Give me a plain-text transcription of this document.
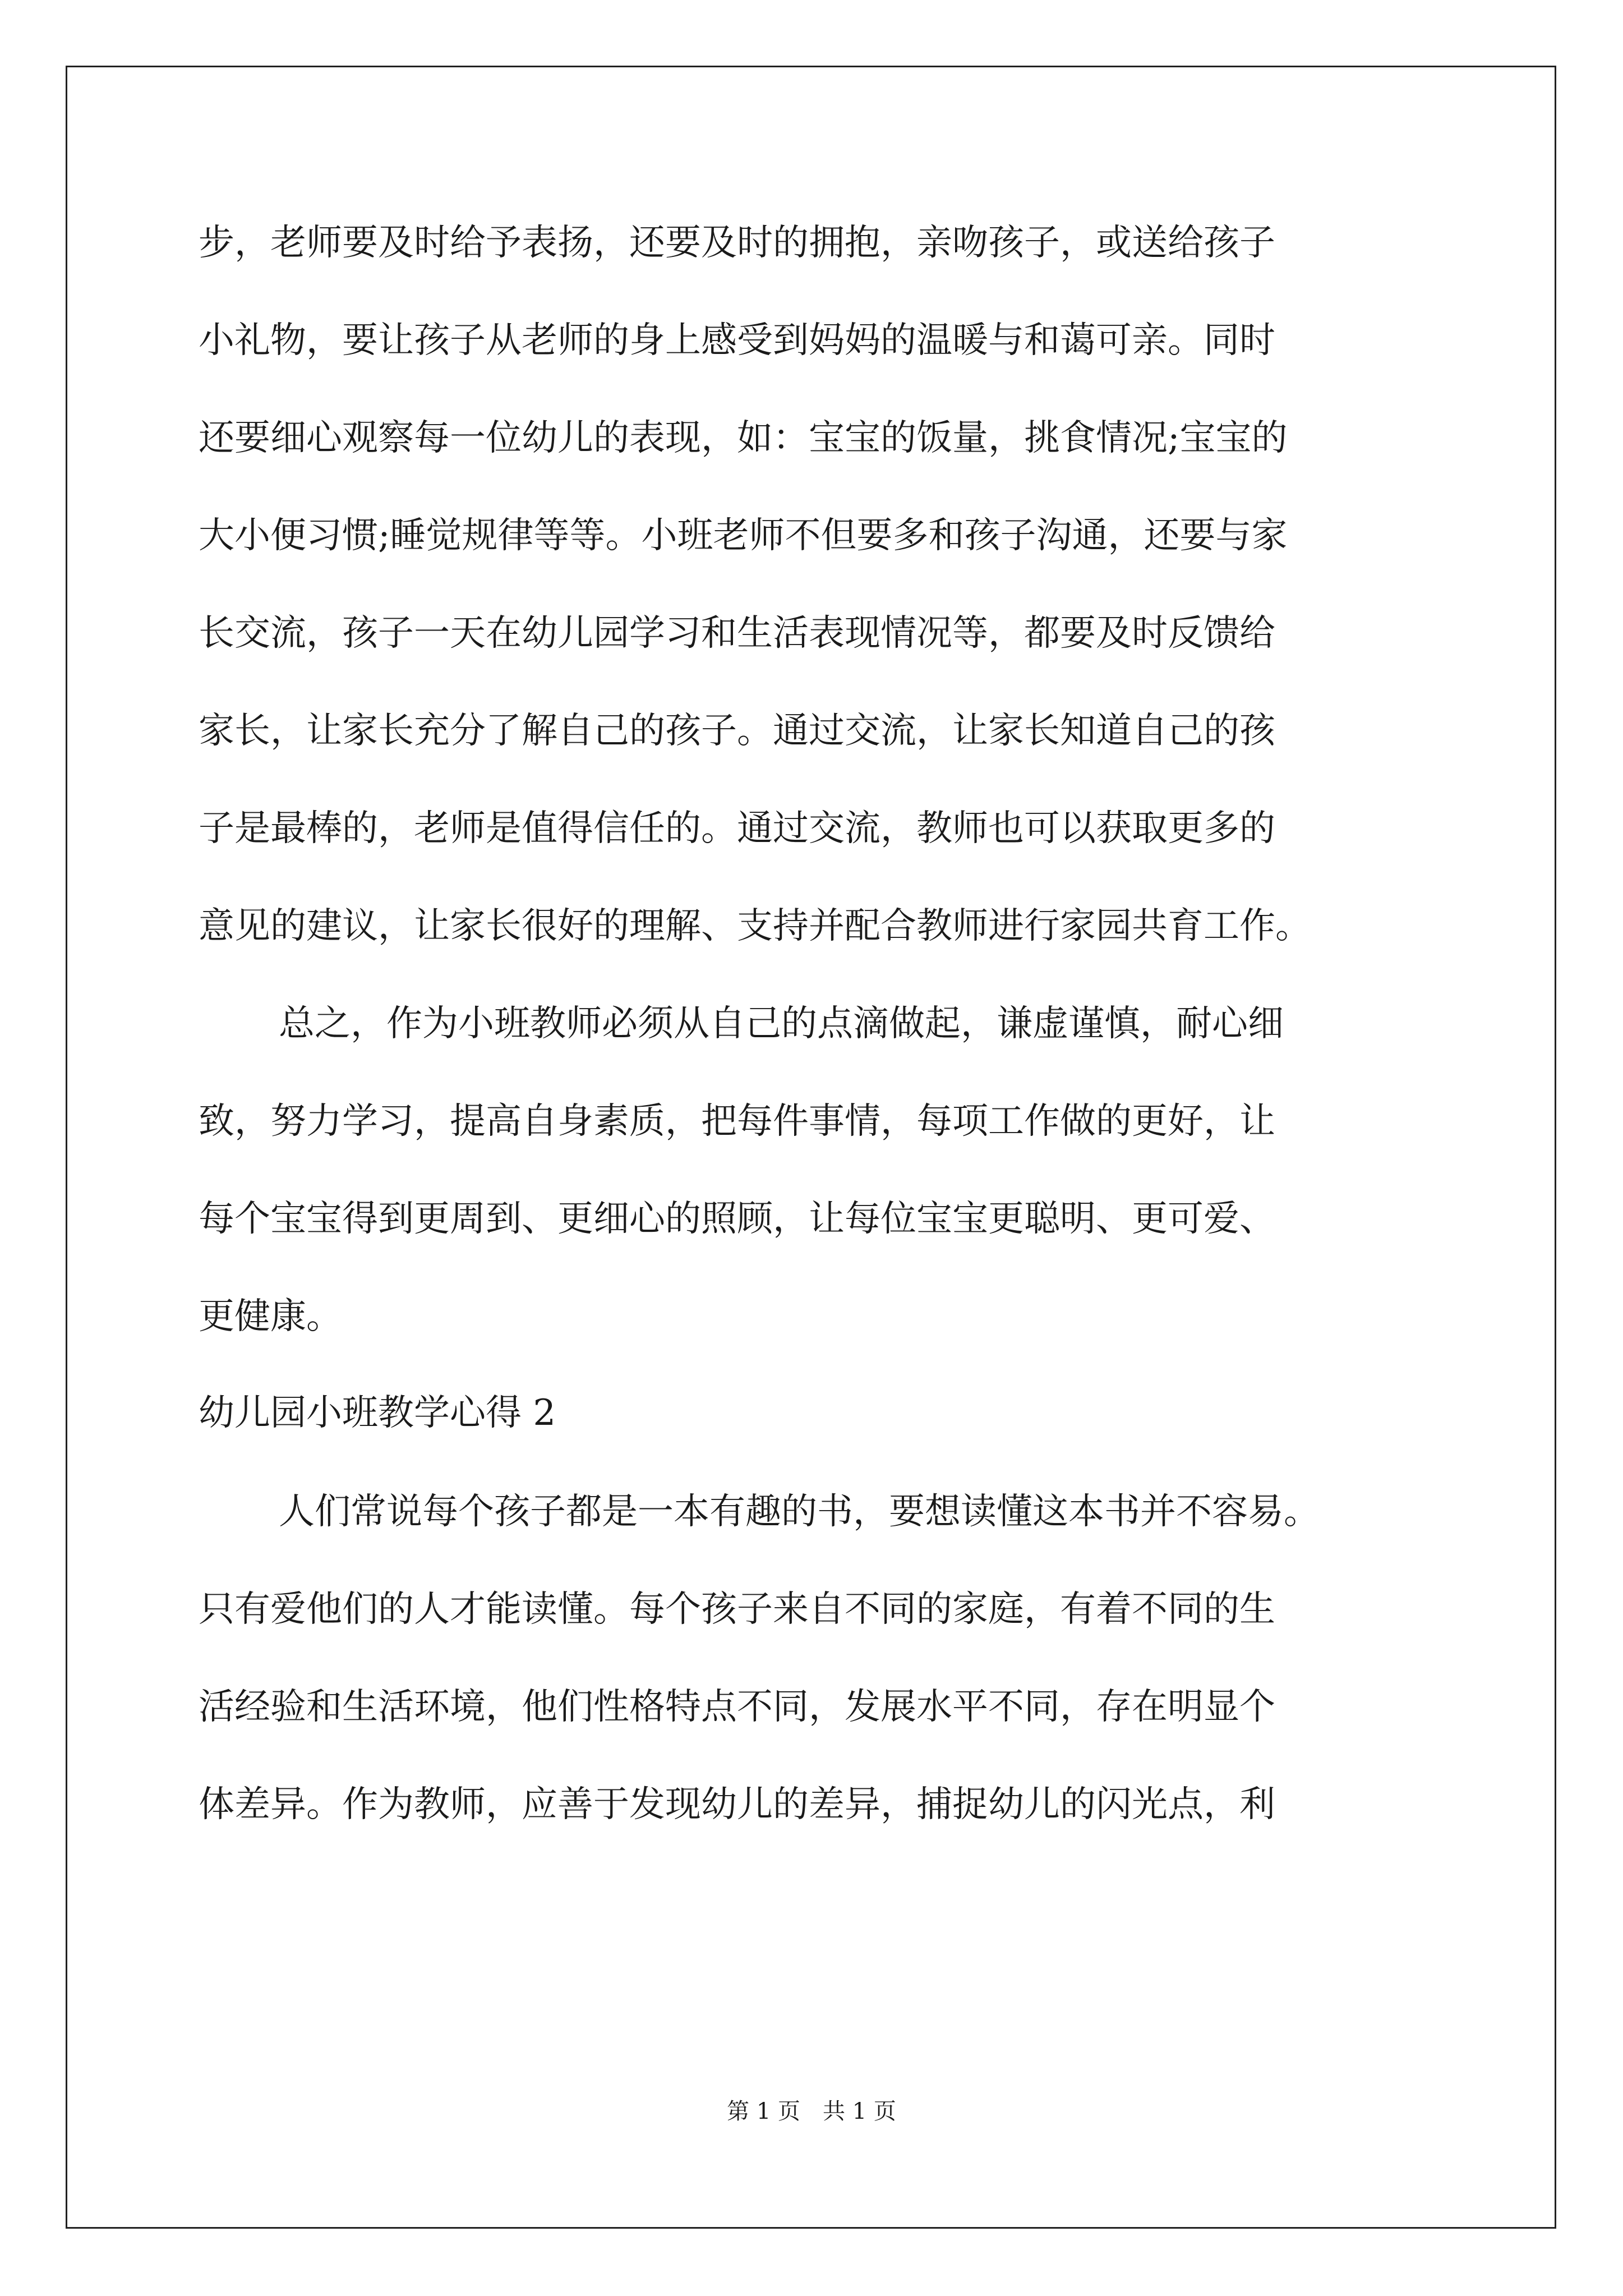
步，老师要及时给予表扬，还要及时的拥抱，亲吻孩子，或送给孩子
小礼物，要让孩子从老师的身上感受到妈妈的温暖与和蔼可亲。同时
还要细心观察每一位幼儿的表现，如：宝宝的饭量，挑食情况;宝宝的
大小便习惯;睡觉规律等等。小班老师不但要多和孩子沟通，还要与家
长交流，孩子一天在幼儿园学习和生活表现情况等，都要及时反馈给
家长，让家长充分了解自己的孩子。通过交流，让家长知道自己的孩
子是最棒的，老师是值得信任的。通过交流，教师也可以获取更多的
意见的建议，让家长很好的理解、支持并配合教师进行家园共育工作。
总之，作为小班教师必须从自己的点滴做起，谦虚谨慎，耐心细
致，努力学习，提高自身素质，把每件事情，每项工作做的更好，让
每个宝宝得到更周到、更细心的照顾，让每位宝宝更聪明、更可爱、
更健康。
幼儿园小班教学心得 2
人们常说每个孩子都是一本有趣的书，要想读懂这本书并不容易。
只有爱他们的人才能读懂。每个孩子来自不同的家庭，有着不同的生
活经验和生活环境，他们性格特点不同，发展水平不同，存在明显个
体差异。作为教师，应善于发现幼儿的差异，捕捉幼儿的闪光点，利
第 1 页　共 1 页
